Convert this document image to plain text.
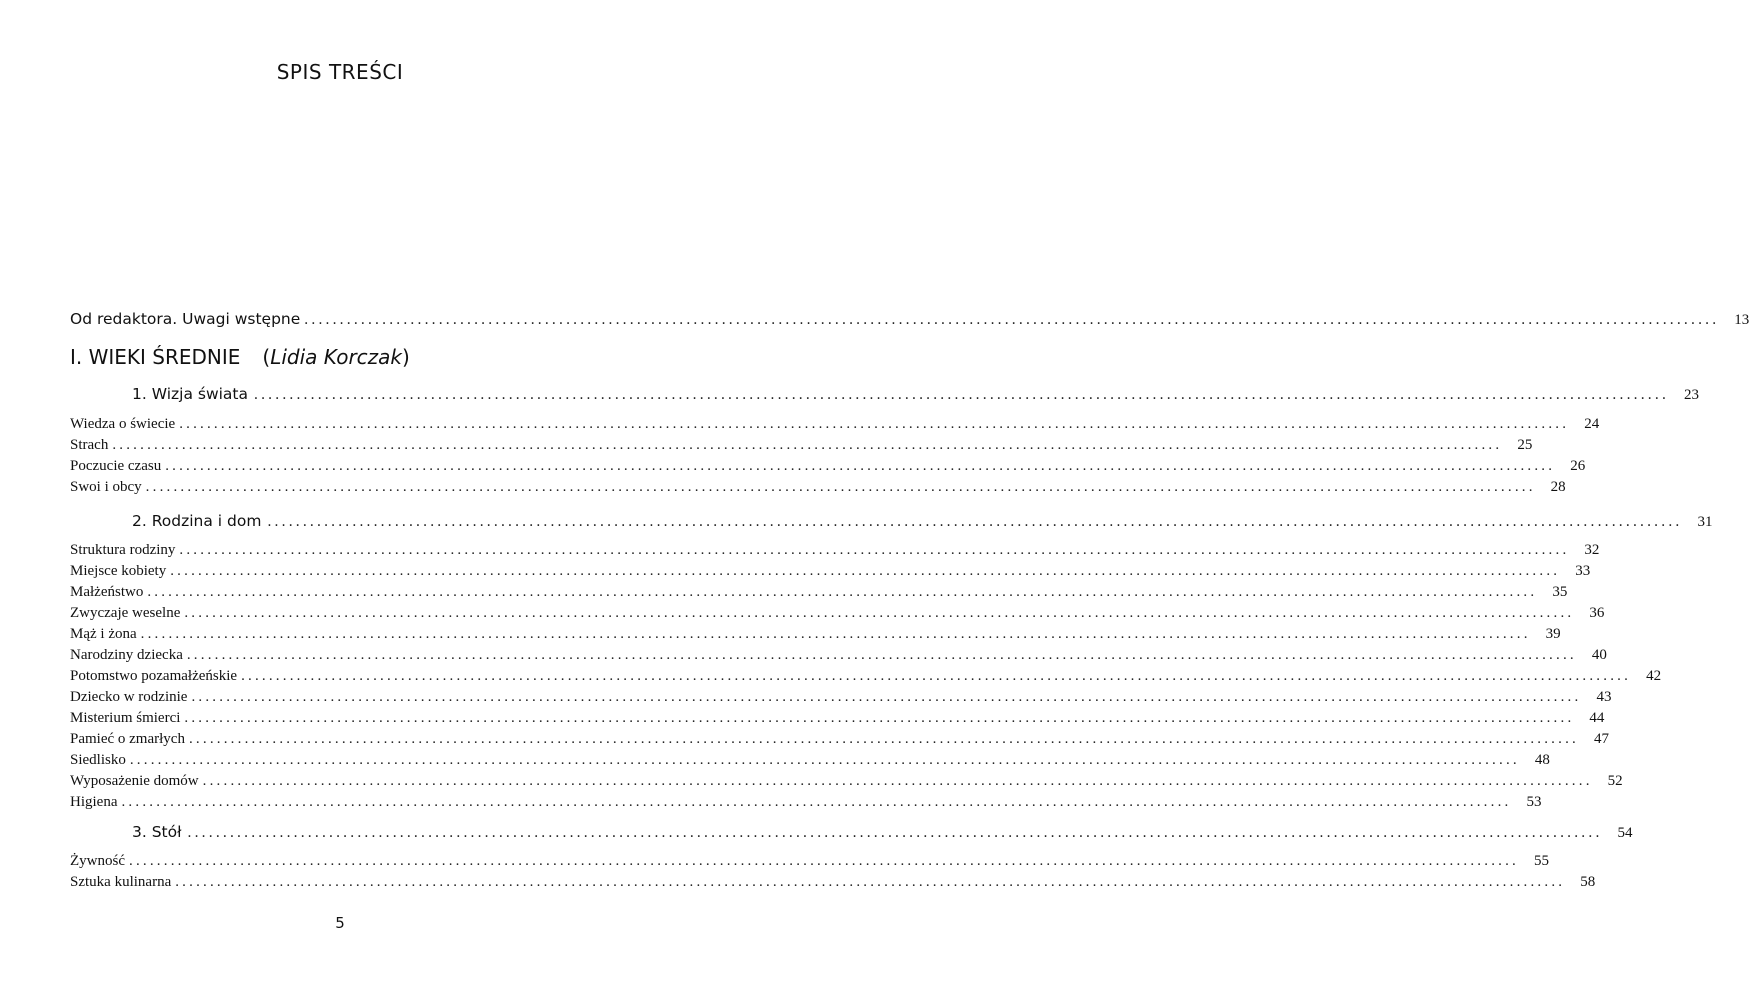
SPIS TREŚCI
Od redaktora. Uwagi wstępne ........................................................................................................................................................................................................	13
I. WIEKI ŚREDNIE (Lidia Korczak)
1. Wizja świata ........................................................................................................................................................................................................	23
Wiedza o świecie ........................................................................................................................................................................................................	24
Strach ........................................................................................................................................................................................................	25
Poczucie czasu ........................................................................................................................................................................................................	26
Swoi i obcy ........................................................................................................................................................................................................	28
2. Rodzina i dom ........................................................................................................................................................................................................	31
Struktura rodziny ........................................................................................................................................................................................................	32
Miejsce kobiety ........................................................................................................................................................................................................	33
Małżeństwo ........................................................................................................................................................................................................	35
Zwyczaje weselne ........................................................................................................................................................................................................	36
Mąż i żona ........................................................................................................................................................................................................	39
Narodziny dziecka ........................................................................................................................................................................................................	40
Potomstwo pozamałżeńskie ........................................................................................................................................................................................................	42
Dziecko w rodzinie ........................................................................................................................................................................................................	43
Misterium śmierci ........................................................................................................................................................................................................	44
Pamieć o zmarłych ........................................................................................................................................................................................................	47
Siedlisko ........................................................................................................................................................................................................	48
Wyposażenie domów ........................................................................................................................................................................................................	52
Higiena ........................................................................................................................................................................................................	53
3. Stół ........................................................................................................................................................................................................	54
Żywność ........................................................................................................................................................................................................	55
Sztuka kulinarna ........................................................................................................................................................................................................	58
5
